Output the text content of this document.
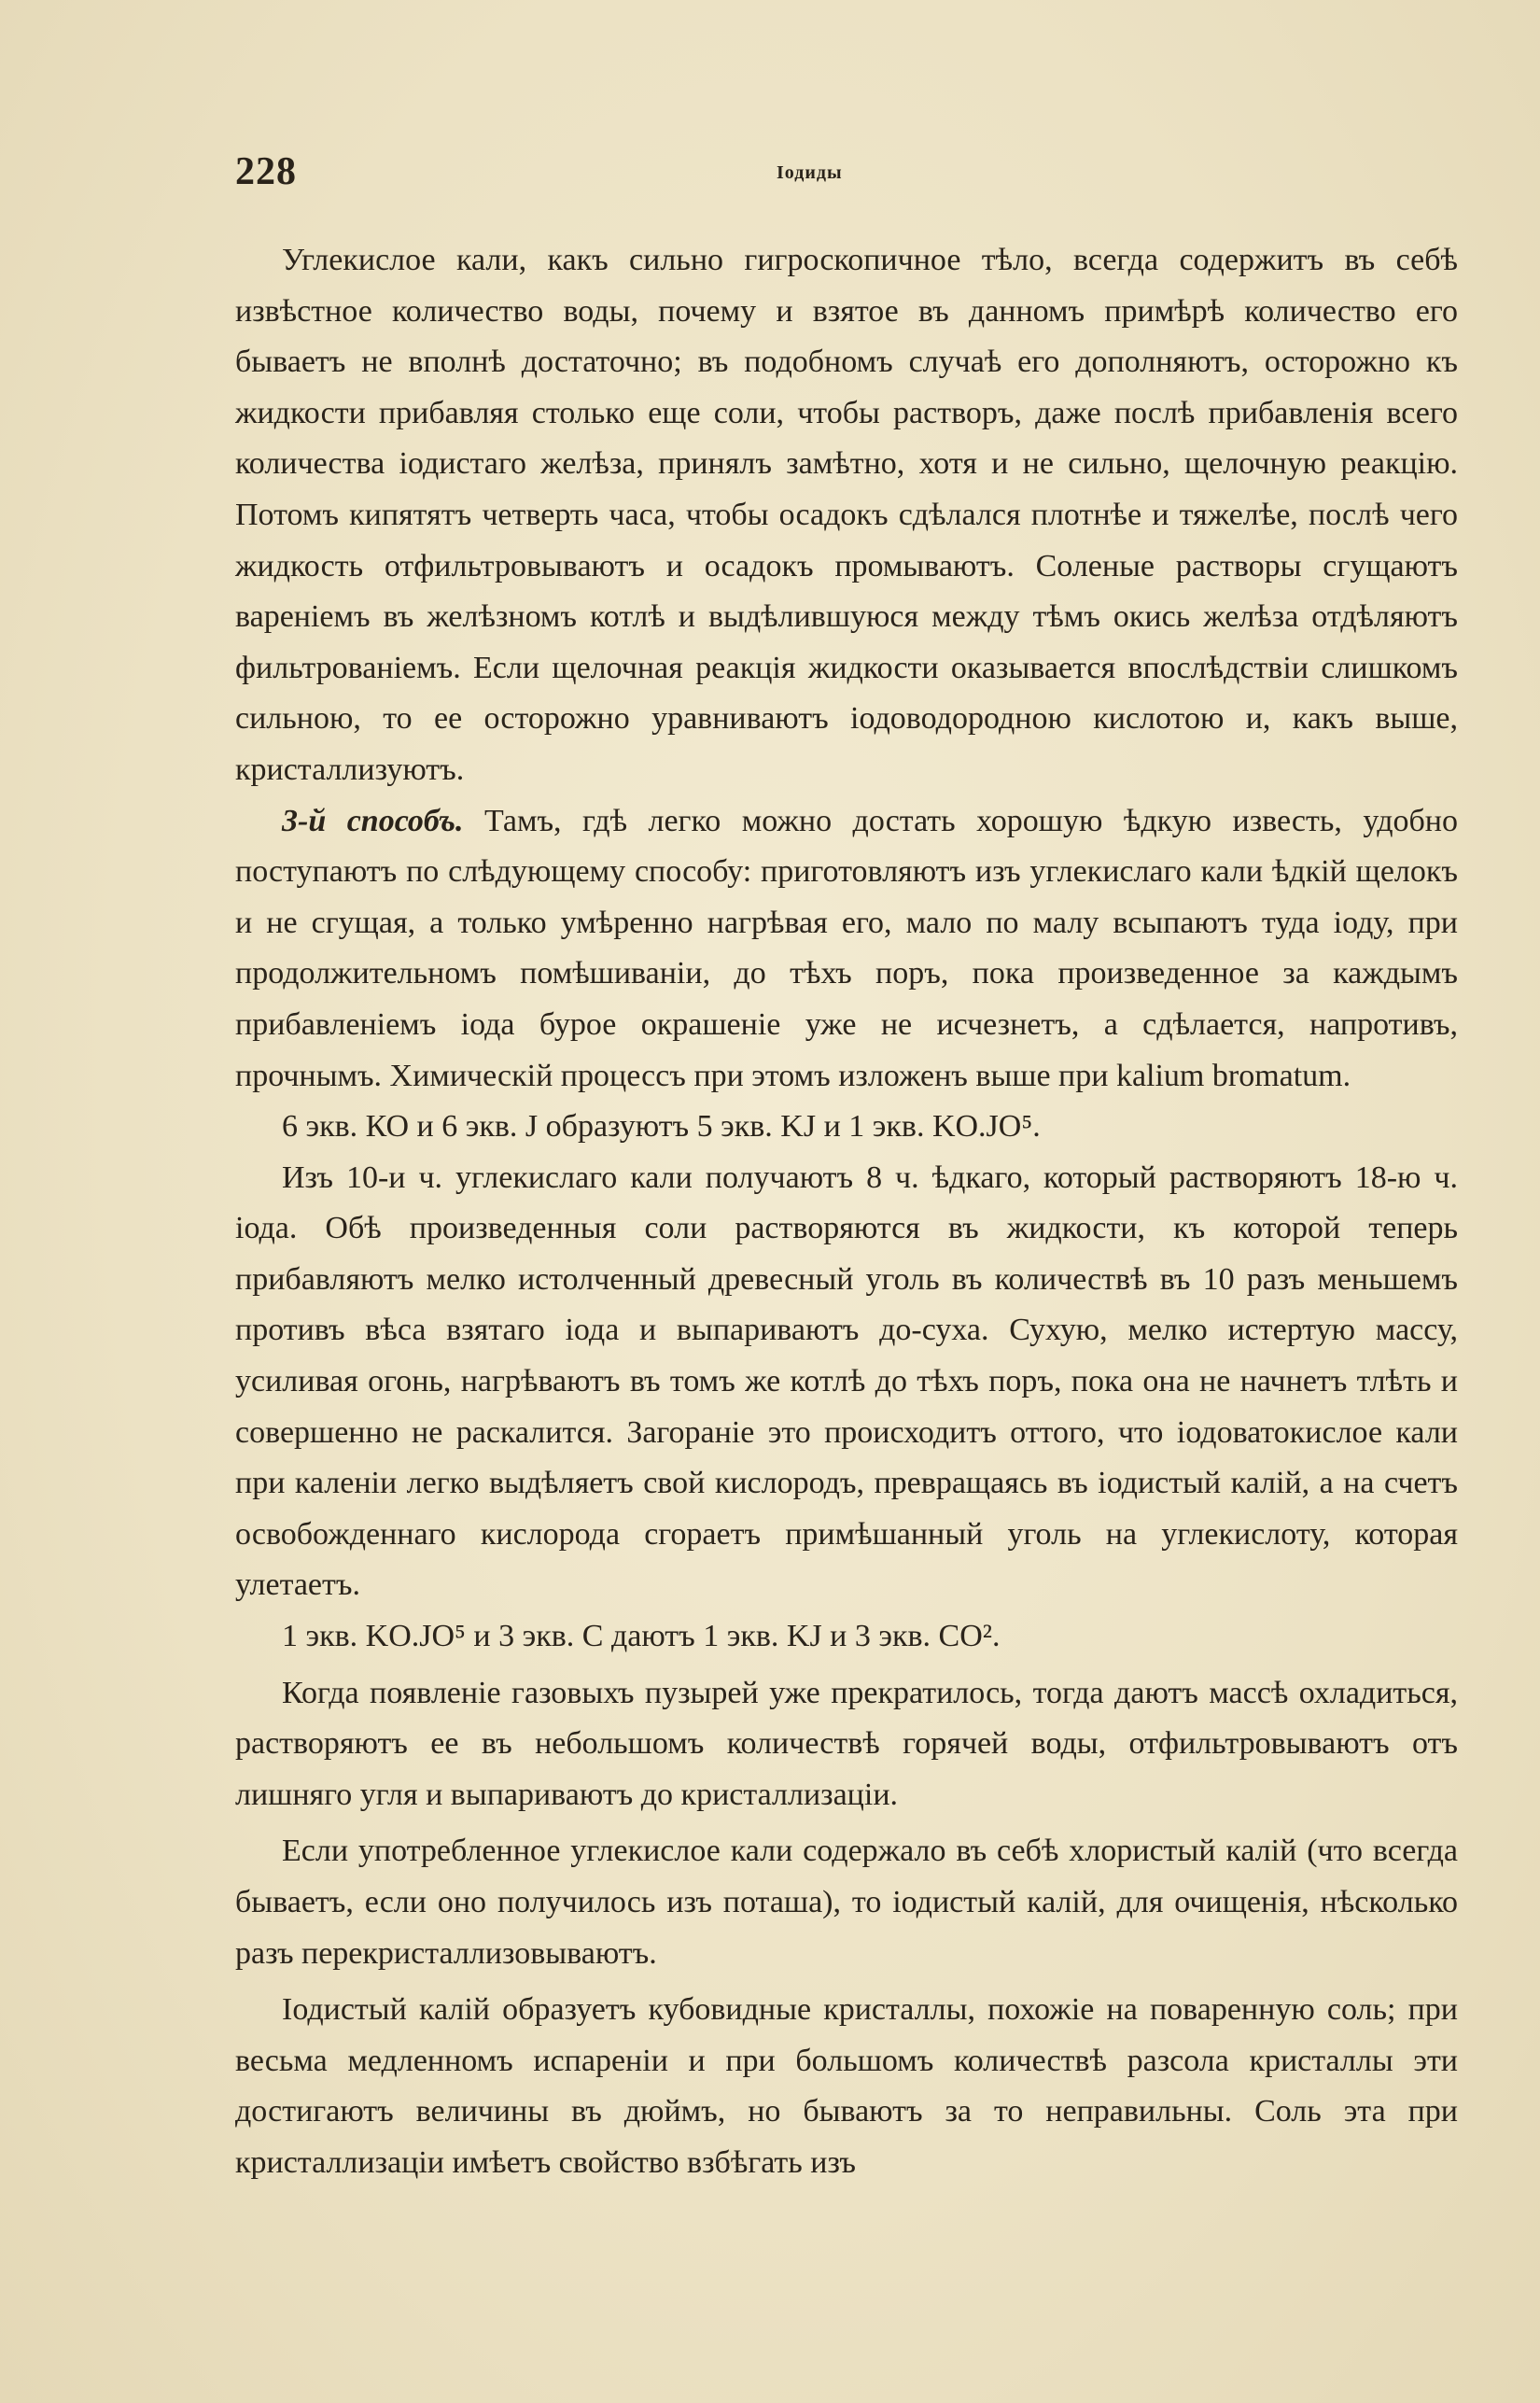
228	Іодиды

Углекислое кали, какъ сильно гигроскопичное тѣло, всегда содержитъ въ себѣ извѣстное количество воды, почему и взятое въ данномъ примѣрѣ количество его бываетъ не вполнѣ достаточно; въ подобномъ случаѣ его дополняютъ, осторожно къ жидкости прибавляя столько еще соли, чтобы растворъ, даже послѣ прибавленія всего количества іодистаго желѣза, принялъ замѣтно, хотя и не сильно, щелочную реакцію. Потомъ кипятятъ четверть часа, чтобы осадокъ сдѣлался плотнѣе и тяжелѣе, послѣ чего жидкость отфильтровываютъ и осадокъ промываютъ. Соленые растворы сгущаютъ вареніемъ въ желѣзномъ котлѣ и выдѣлившуюся между тѣмъ окись желѣза отдѣляютъ фильтрованіемъ. Если щелочная реакція жидкости оказывается впослѣдствіи слишкомъ сильною, то ее осторожно уравниваютъ іодоводородною кислотою и, какъ выше, кристаллизуютъ.

3-й способъ. Тамъ, гдѣ легко можно достать хорошую ѣдкую известь, удобно поступаютъ по слѣдующему способу: приготовляютъ изъ углекислаго кали ѣдкій щелокъ и не сгущая, а только умѣренно нагрѣвая его, мало по малу всыпаютъ туда іоду, при продолжительномъ помѣшиваніи, до тѣхъ поръ, пока произведенное за каждымъ прибавленіемъ іода бурое окрашеніе уже не исчезнетъ, а сдѣлается, напротивъ, прочнымъ. Химическій процессъ при этомъ изложенъ выше при kalium bromatum.

6 экв. КО и 6 экв. J образуютъ 5 экв. KJ и 1 экв. KO.JO⁵.

Изъ 10-и ч. углекислаго кали получаютъ 8 ч. ѣдкаго, который растворяютъ 18-ю ч. іода. Обѣ произведенныя соли растворяются въ жидкости, къ которой теперь прибавляютъ мелко истолченный древесный уголь въ количествѣ въ 10 разъ меньшемъ противъ вѣса взятаго іода и выпариваютъ до-суха. Сухую, мелко истертую массу, усиливая огонь, нагрѣваютъ въ томъ же котлѣ до тѣхъ поръ, пока она не начнетъ тлѣть и совершенно не раскалится. Загораніе это происходитъ оттого, что іодоватокислое кали при каленіи легко выдѣляетъ свой кислородъ, превращаясь въ іодистый калій, а на счетъ освобожденнаго кислорода сгораетъ примѣшанный уголь на углекислоту, которая улетаетъ.

1 экв. KO.JO⁵ и 3 экв. С даютъ 1 экв. KJ и 3 экв. CO².

Когда появленіе газовыхъ пузырей уже прекратилось, тогда даютъ массѣ охладиться, растворяютъ ее въ небольшомъ количествѣ горячей воды, отфильтровываютъ отъ лишняго угля и выпариваютъ до кристаллизаціи.

Если употребленное углекислое кали содержало въ себѣ хлористый калій (что всегда бываетъ, если оно получилось изъ поташа), то іодистый калій, для очищенія, нѣсколько разъ перекристаллизовываютъ.

Іодистый калій образуетъ кубовидные кристаллы, похожіе на поваренную соль; при весьма медленномъ испареніи и при большомъ количествѣ разсола кристаллы эти достигаютъ величины въ дюймъ, но бываютъ за то неправильны. Соль эта при кристаллизаціи имѣетъ свойство взбѣгать изъ
